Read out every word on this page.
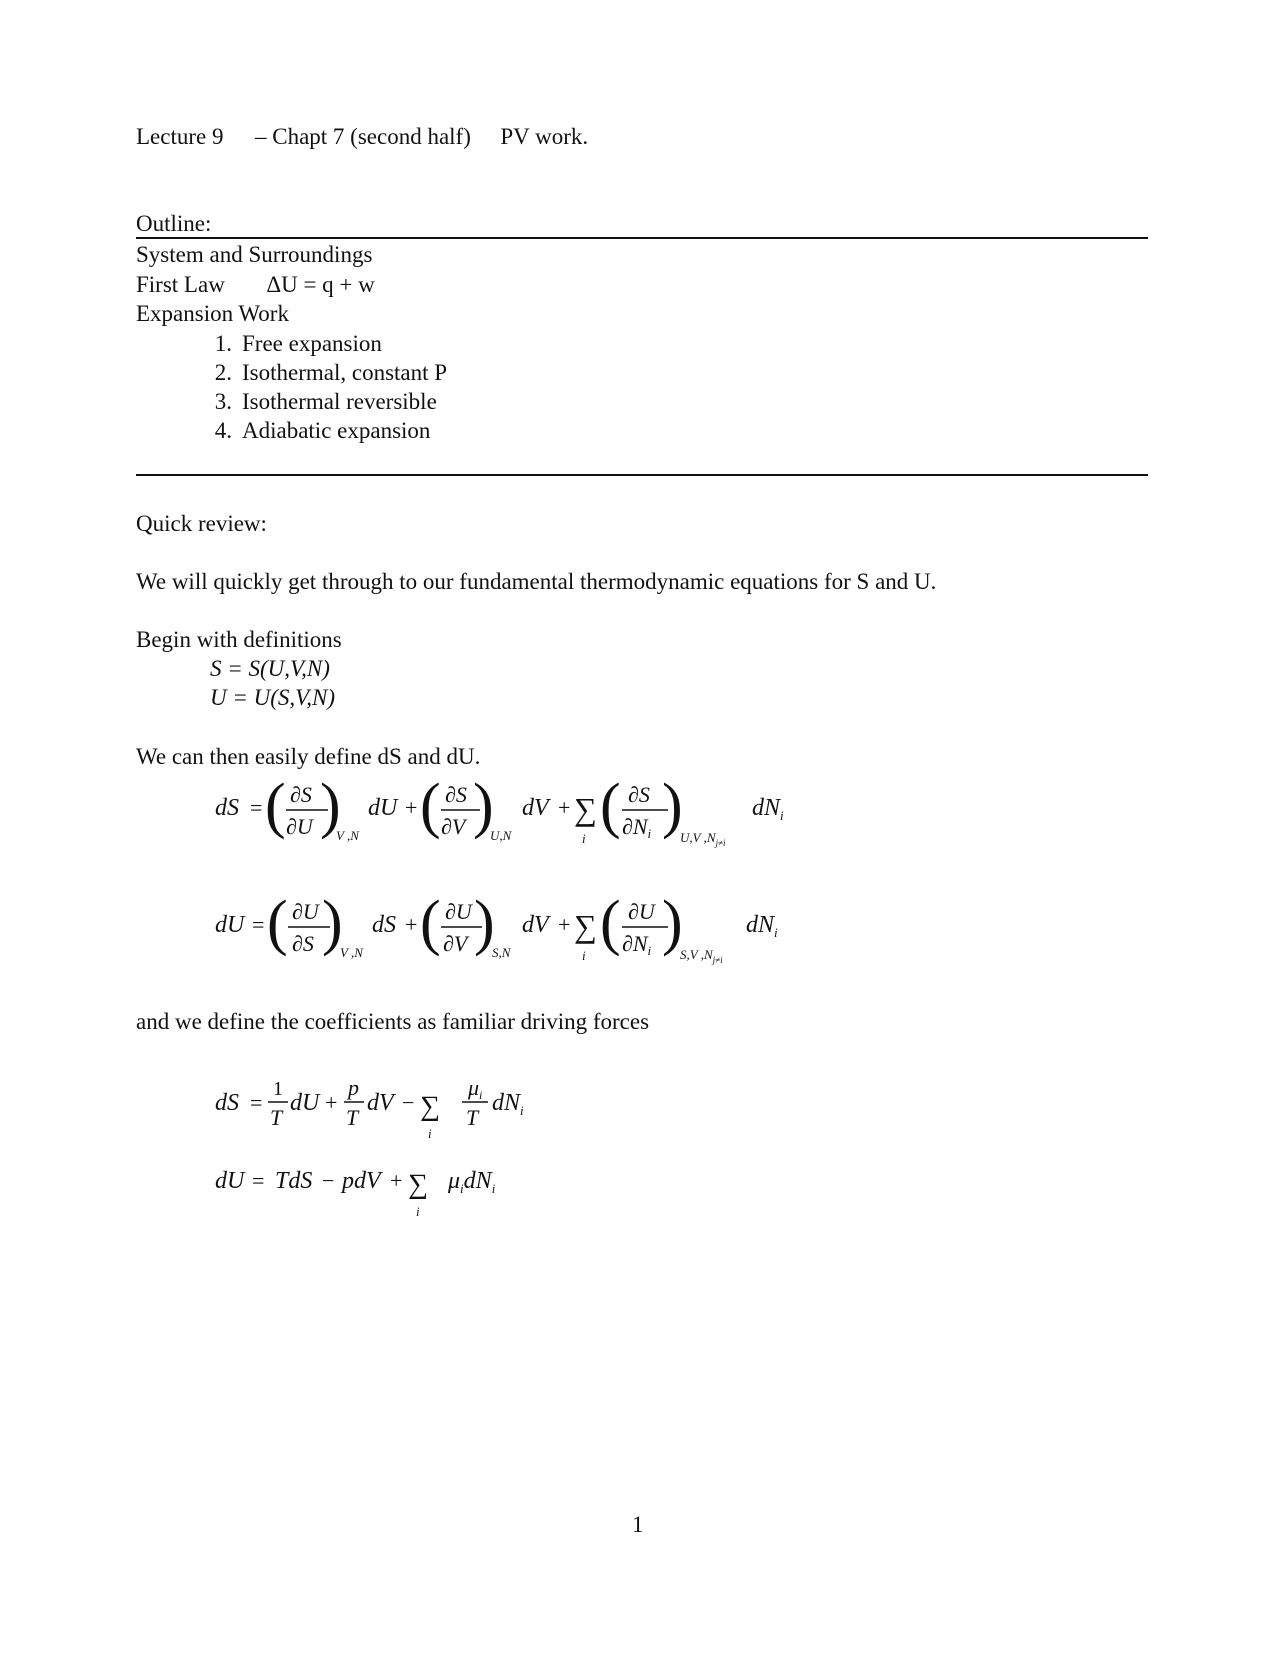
Lecture 9 – Chapt 7 (second half) PV work.
Outline:
System and Surroundings
First Law ΔU = q + w
Expansion Work
1. Free expansion
2. Isothermal, constant P
3. Isothermal reversible
4. Adiabatic expansion
Quick review:
We will quickly get through to our fundamental thermodynamic equations for S and U.
Begin with definitions
S = S(U,V,N)
U = U(S,V,N)
We can then easily define dS and dU.
dS = ( ∂S
∂U )
V ,N
dU + ( ∂S
∂V )
U,N
dV + ∑
i ( ∂S
∂Ni )
U,V $,N_{j\ne i}$
$dN_i$
dU = ( ∂U
∂S )
V ,N
dS + ( ∂U
∂V )
S,N
dV + ∑
i ( ∂U
∂Ni )
S,V $,N_{j\ne i}$
$dN_i$
and we define the coefficients as familiar driving forces
dS =
1
T
dU +
p
T
dV − ∑
i
μi
T
$dN_i$
dU = TdS − pdV + ∑
i
$\mu_idN_i$
1
